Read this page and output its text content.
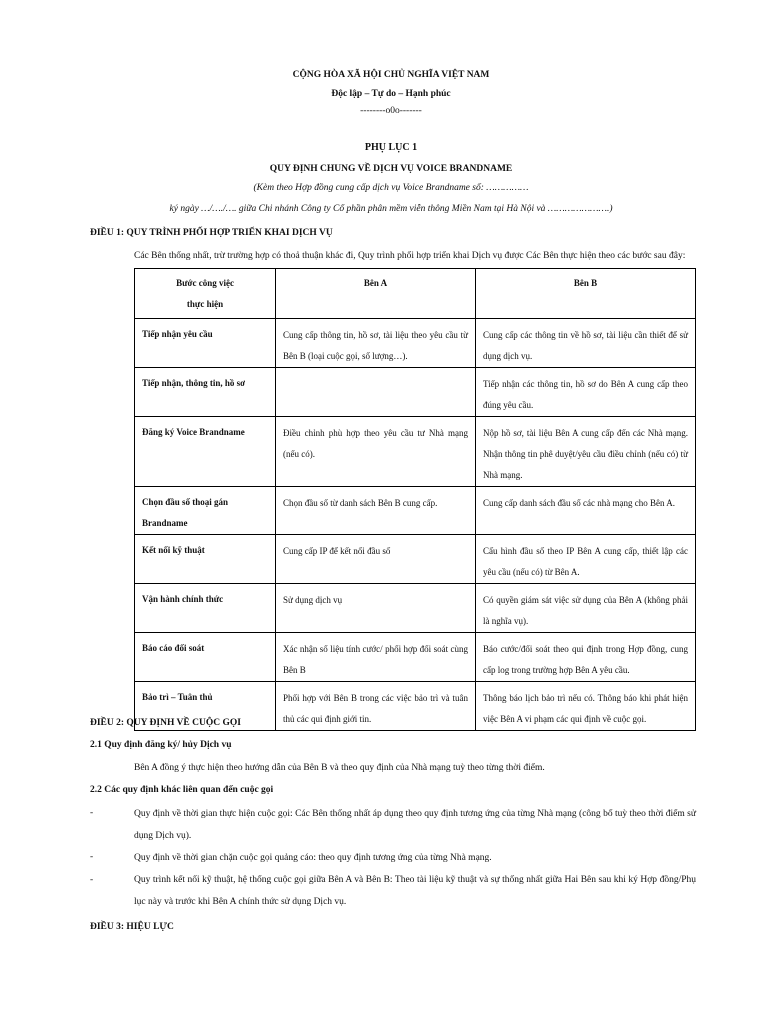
CỘNG HÒA XÃ HỘI CHỦ NGHĨA VIỆT NAM
Độc lập – Tự do – Hạnh phúc
--------o0o-------
PHỤ LỤC 1
QUY ĐỊNH CHUNG VỀ DỊCH VỤ VOICE BRANDNAME
(Kèm theo Hợp đồng cung cấp dịch vụ Voice Brandname số: ……………
ký ngày …/…./…. giữa Chi nhánh Công ty Cổ phần phân mềm viễn thông Miền Nam tại Hà Nội và ………………….)
ĐIỀU 1: QUY TRÌNH PHỐI HỢP TRIỂN KHAI DỊCH VỤ
Các Bên thống nhất, trừ trường hợp có thoả thuận khác đi, Quy trình phối hợp triển khai Dịch vụ được Các Bên thực hiện theo các bước sau đây:
Bước công việc
thực hiện	Bên A	Bên B
Tiếp nhận yêu cầu	Cung cấp thông tin, hồ sơ, tài liệu theo yêu cầu từ Bên B (loại cuộc gọi, số lượng…).	Cung cấp các thông tin về hồ sơ, tài liệu cần thiết để sử dụng dịch vụ.
Tiếp nhận, thông tin, hồ sơ		Tiếp nhận các thông tin, hồ sơ do Bên A cung cấp theo đúng yêu cầu.
Đăng ký Voice Brandname	Điều chỉnh phù hợp theo yêu cầu tư Nhà mạng (nếu có).	Nộp hồ sơ, tài liệu Bên A cung cấp đến các Nhà mạng. Nhận thông tin phê duyệt/yêu cầu điều chỉnh (nếu có) từ Nhà mạng.
Chọn đầu số thoại gán Brandname	Chọn đầu số từ danh sách Bên B cung cấp.	Cung cấp danh sách đầu số các nhà mạng cho Bên A.
Kết nối kỹ thuật	Cung cấp IP để kết nối đầu số	Cấu hình đầu số theo IP Bên A cung cấp, thiết lập các yêu cầu (nếu có) từ Bên A.
Vận hành chính thức	Sử dụng dịch vụ	Có quyền giám sát việc sử dụng của Bên A (không phải là nghĩa vụ).
Báo cáo đối soát	Xác nhận số liệu tính cước/ phối hợp đối soát cùng Bên B	Báo cước/đối soát theo qui định trong Hợp đồng, cung cấp log trong trường hợp Bên A yêu cầu.
Bảo trì – Tuân thủ	Phối hợp với Bên B trong các việc bảo trì và tuân thủ các qui định giới tin.	Thông báo lịch bảo trì nếu có. Thông báo khi phát hiện việc Bên A vi phạm các qui định về cuộc gọi.
ĐIỀU 2: QUY ĐỊNH VỀ CUỘC GỌI
2.1 Quy định đăng ký/ hủy Dịch vụ
Bên A đồng ý thực hiện theo hướng dẫn của Bên B và theo quy định của Nhà mạng tuỳ theo từng thời điểm.
2.2 Các quy định khác liên quan đến cuộc gọi
-	Quy định về thời gian thực hiện cuộc gọi: Các Bên thống nhất áp dụng theo quy định tương ứng của từng Nhà mạng (công bố tuỳ theo thời điểm sử dụng Dịch vụ).
-	Quy định về thời gian chặn cuộc gọi quảng cáo: theo quy định tương ứng của từng Nhà mạng.
-	Quy trình kết nối kỹ thuật, hệ thống cuộc gọi giữa Bên A và Bên B: Theo tài liệu kỹ thuật và sự thống nhất giữa Hai Bên sau khi ký Hợp đồng/Phụ lục này và trước khi Bên A chính thức sử dụng Dịch vụ.
ĐIỀU 3: HIỆU LỰC
